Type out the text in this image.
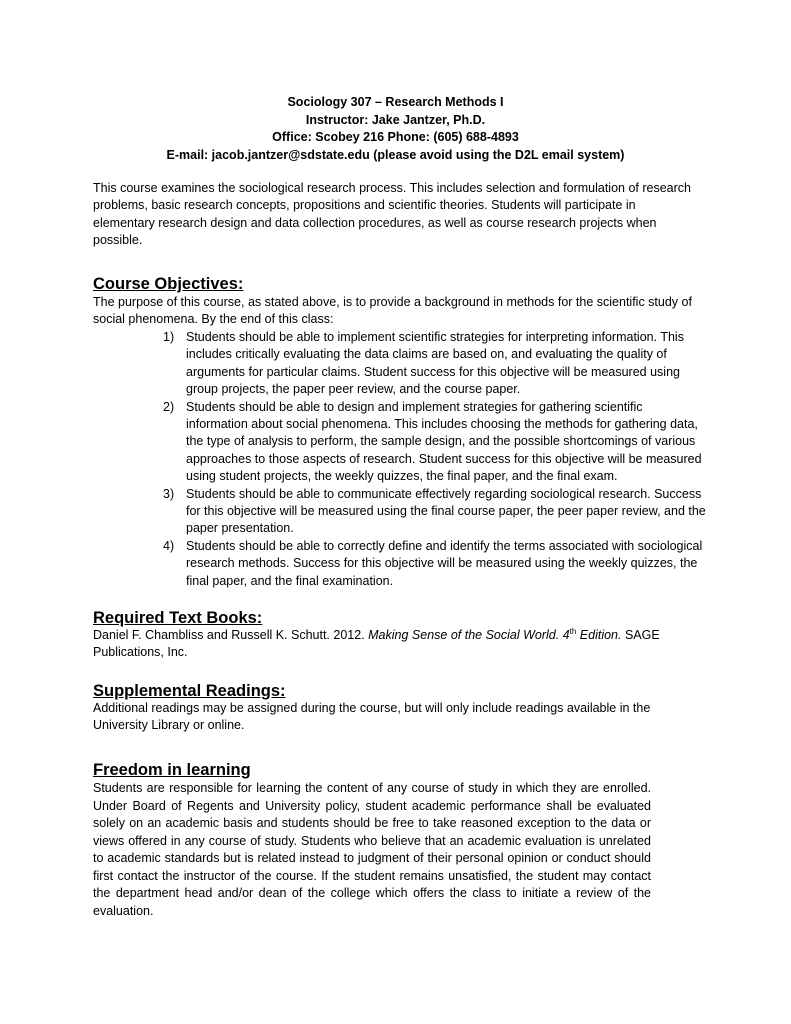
Sociology 307 – Research Methods I
Instructor: Jake Jantzer, Ph.D.
Office: Scobey 216 Phone: (605) 688-4893
E-mail: jacob.jantzer@sdstate.edu (please avoid using the D2L email system)
This course examines the sociological research process. This includes selection and formulation of research problems, basic research concepts, propositions and scientific theories. Students will participate in elementary research design and data collection procedures, as well as course research projects when possible.
Course Objectives:
The purpose of this course, as stated above, is to provide a background in methods for the scientific study of social phenomena. By the end of this class:
1) Students should be able to implement scientific strategies for interpreting information. This includes critically evaluating the data claims are based on, and evaluating the quality of arguments for particular claims. Student success for this objective will be measured using group projects, the paper peer review, and the course paper.
2) Students should be able to design and implement strategies for gathering scientific information about social phenomena. This includes choosing the methods for gathering data, the type of analysis to perform, the sample design, and the possible shortcomings of various approaches to those aspects of research. Student success for this objective will be measured using student projects, the weekly quizzes, the final paper, and the final exam.
3) Students should be able to communicate effectively regarding sociological research. Success for this objective will be measured using the final course paper, the peer paper review, and the paper presentation.
4) Students should be able to correctly define and identify the terms associated with sociological research methods. Success for this objective will be measured using the weekly quizzes, the final paper, and the final examination.
Required Text Books:
Daniel F. Chambliss and Russell K. Schutt. 2012. Making Sense of the Social World. 4th Edition. SAGE Publications, Inc.
Supplemental Readings:
Additional readings may be assigned during the course, but will only include readings available in the University Library or online.
Freedom in learning
Students are responsible for learning the content of any course of study in which they are enrolled. Under Board of Regents and University policy, student academic performance shall be evaluated solely on an academic basis and students should be free to take reasoned exception to the data or views offered in any course of study. Students who believe that an academic evaluation is unrelated to academic standards but is related instead to judgment of their personal opinion or conduct should first contact the instructor of the course. If the student remains unsatisfied, the student may contact the department head and/or dean of the college which offers the class to initiate a review of the evaluation.
